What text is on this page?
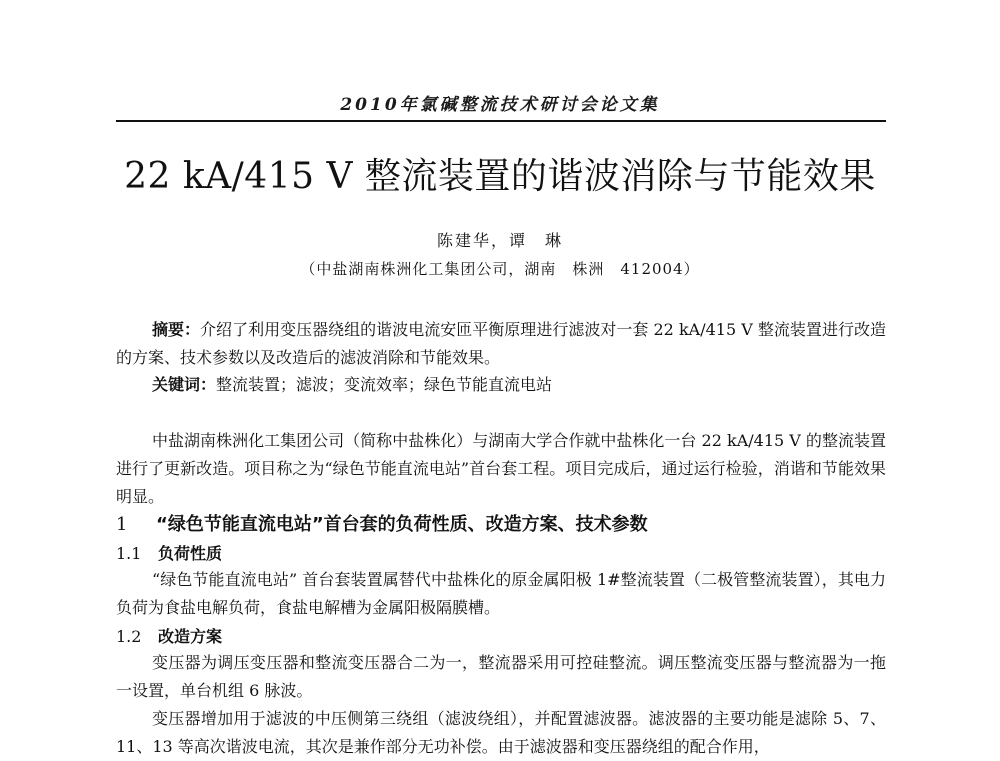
2010年氯碱整流技术研讨会论文集
22 kA/415 V 整流装置的谐波消除与节能效果
陈建华，谭　琳
（中盐湖南株洲化工集团公司，湖南　株洲　412004）
摘要：介绍了利用变压器绕组的谐波电流安匝平衡原理进行滤波对一套 22 kA/415 V 整流装置进行改造的方案、技术参数以及改造后的滤波消除和节能效果。
关键词：整流装置；滤波；变流效率；绿色节能直流电站
中盐湖南株洲化工集团公司（简称中盐株化）与湖南大学合作就中盐株化一台 22 kA/415 V 的整流装置进行了更新改造。项目称之为“绿色节能直流电站”首台套工程。项目完成后，通过运行检验，消谐和节能效果明显。
1 “绿色节能直流电站”首台套的负荷性质、改造方案、技术参数
1.1 负荷性质
“绿色节能直流电站” 首台套装置属替代中盐株化的原金属阳极 1#整流装置（二极管整流装置），其电力负荷为食盐电解负荷，食盐电解槽为金属阳极隔膜槽。
1.2 改造方案
变压器为调压变压器和整流变压器合二为一，整流器采用可控硅整流。调压整流变压器与整流器为一拖一设置，单台机组 6 脉波。
变压器增加用于滤波的中压侧第三绕组（滤波绕组），并配置滤波器。滤波器的主要功能是滤除 5、7、11、13 等高次谐波电流，其次是兼作部分无功补偿。由于滤波器和变压器绕组的配合作用，
